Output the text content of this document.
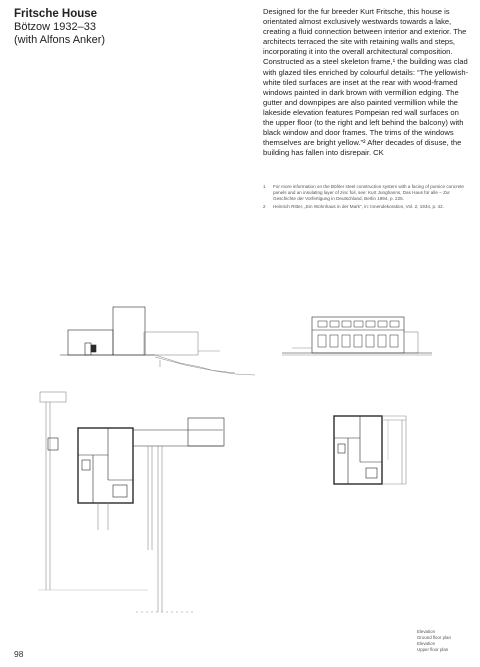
Fritsche House

Bötzow 1932–33

(with Alfons Anker)

Designed for the fur breeder Kurt Fritsche, this house is orientated almost exclusively westwards towards a lake, creating a fluid connection between interior and exterior. The architects terraced the site with retaining walls and steps, incorporating it into the overall architectural composition. Constructed as a steel skeleton frame,¹ the building was clad with glazed tiles enriched by colourful details: “The yellowish-white tiled surfaces are inset at the rear with wood-framed windows painted in dark brown with vermillion edging. The gutter and downpipes are also painted vermillion while the lakeside elevation features Pompeian red wall surfaces on the upper floor (to the right and left behind the balcony) with black window and door frames. The trims of the windows themselves are bright yellow.”² After decades of disuse, the building has fallen into disrepair. CK

1	For more information on the Böhler steel construction system with a facing of pumice concrete panels and an insulating layer of zinc foil, see: Kurt Junghanns, Das Haus für alle – Zur Geschichte der Vorfertigung in Deutschland, Berlin 1994, p. 225.
2	Heinrich Ritter, „Ein Wohnhaus in der Mark“, in: Innendekoration, Vol. 2, 1934, p. 42.
98
Elevation
Ground floor plan
Elevation
Upper floor plan
